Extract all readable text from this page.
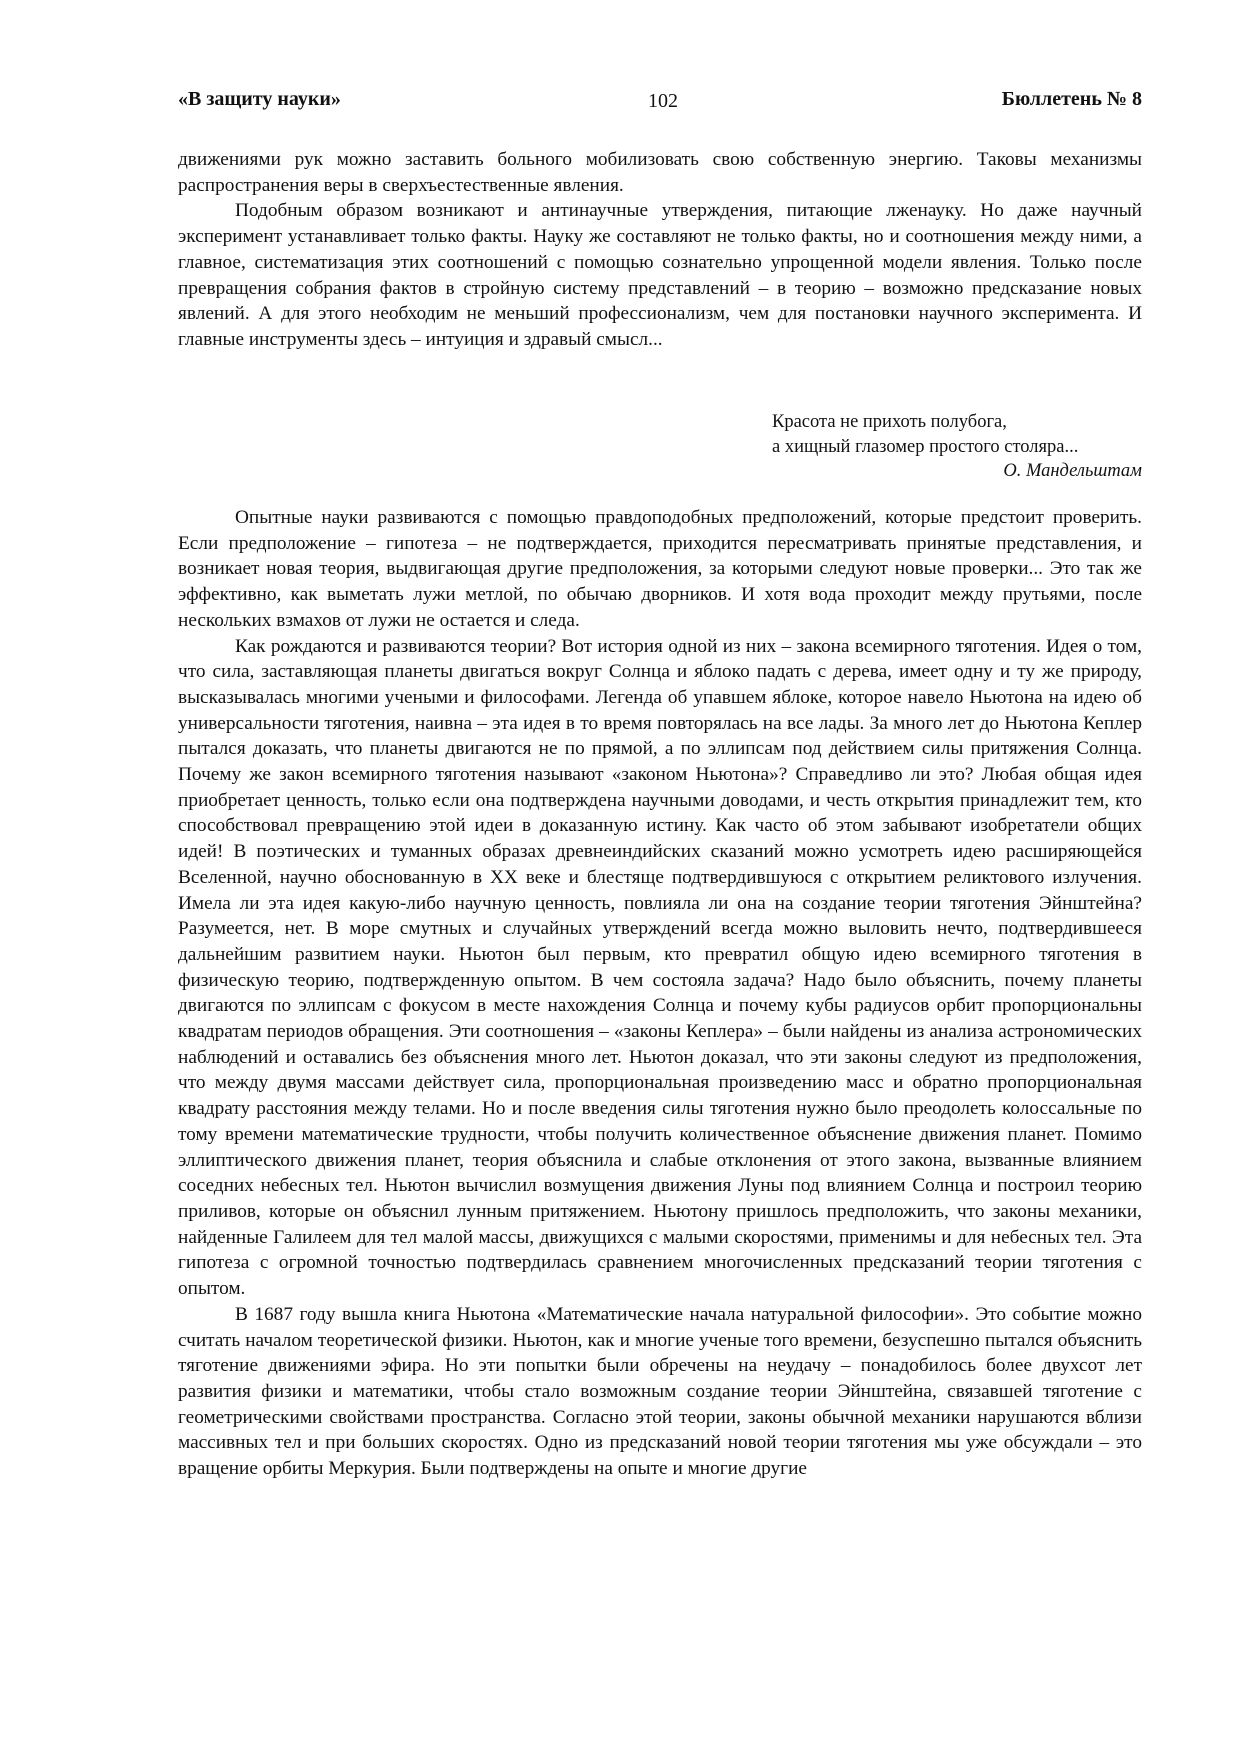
«В защиту науки»	102	Бюллетень № 8

движениями рук можно заставить больного мобилизовать свою собственную энергию. Таковы механизмы распространения веры в сверхъестественные явления.

Подобным образом возникают и антинаучные утверждения, питающие лженауку. Но даже научный эксперимент устанавливает только факты. Науку же составляют не только факты, но и соотношения между ними, а главное, систематизация этих соотношений с помощью сознательно упрощенной модели явления. Только после превращения собрания фактов в стройную систему представлений – в теорию – возможно предсказание новых явлений. А для этого необходим не меньший профессионализм, чем для постановки научного эксперимента. И главные инструменты здесь – интуиция и здравый смысл...

Красота не прихоть полубога,
а хищный глазомер простого столяра...
О. Мандельштам

Опытные науки развиваются с помощью правдоподобных предположений, которые предстоит проверить. Если предположение – гипотеза – не подтверждается, приходится пересматривать принятые представления, и возникает новая теория, выдвигающая другие предположения, за которыми следуют новые проверки... Это так же эффективно, как выметать лужи метлой, по обычаю дворников. И хотя вода проходит между прутьями, после нескольких взмахов от лужи не остается и следа.

Как рождаются и развиваются теории? Вот история одной из них – закона всемирного тяготения. Идея о том, что сила, заставляющая планеты двигаться вокруг Солнца и яблоко падать с дерева, имеет одну и ту же природу, высказывалась многими учеными и философами. Легенда об упавшем яблоке, которое навело Ньютона на идею об универсальности тяготения, наивна – эта идея в то время повторялась на все лады. За много лет до Ньютона Кеплер пытался доказать, что планеты двигаются не по прямой, а по эллипсам под действием силы притяжения Солнца. Почему же закон всемирного тяготения называют «законом Ньютона»? Справедливо ли это? Любая общая идея приобретает ценность, только если она подтверждена научными доводами, и честь открытия принадлежит тем, кто способствовал превращению этой идеи в доказанную истину. Как часто об этом забывают изобретатели общих идей! В поэтических и туманных образах древнеиндийских сказаний можно усмотреть идею расширяющейся Вселенной, научно обоснованную в XX веке и блестяще подтвердившуюся с открытием реликтового излучения. Имела ли эта идея какую-либо научную ценность, повлияла ли она на создание теории тяготения Эйнштейна? Разумеется, нет. В море смутных и случайных утверждений всегда можно выловить нечто, подтвердившееся дальнейшим развитием науки. Ньютон был первым, кто превратил общую идею всемирного тяготения в физическую теорию, подтвержденную опытом. В чем состояла задача? Надо было объяснить, почему планеты двигаются по эллипсам с фокусом в месте нахождения Солнца и почему кубы радиусов орбит пропорциональны квадратам периодов обращения. Эти соотношения – «законы Кеплера» – были найдены из анализа астрономических наблюдений и оставались без объяснения много лет. Ньютон доказал, что эти законы следуют из предположения, что между двумя массами действует сила, пропорциональная произведению масс и обратно пропорциональная квадрату расстояния между телами. Но и после введения силы тяготения нужно было преодолеть колоссальные по тому времени математические трудности, чтобы получить количественное объяснение движения планет. Помимо эллиптического движения планет, теория объяснила и слабые отклонения от этого закона, вызванные влиянием соседних небесных тел. Ньютон вычислил возмущения движения Луны под влиянием Солнца и построил теорию приливов, которые он объяснил лунным притяжением. Ньютону пришлось предположить, что законы механики, найденные Галилеем для тел малой массы, движущихся с малыми скоростями, применимы и для небесных тел. Эта гипотеза с огромной точностью подтвердилась сравнением многочисленных предсказаний теории тяготения с опытом.

В 1687 году вышла книга Ньютона «Математические начала натуральной философии». Это событие можно считать началом теоретической физики. Ньютон, как и многие ученые того времени, безуспешно пытался объяснить тяготение движениями эфира. Но эти попытки были обречены на неудачу – понадобилось более двухсот лет развития физики и математики, чтобы стало возможным создание теории Эйнштейна, связавшей тяготение с геометрическими свойствами пространства. Согласно этой теории, законы обычной механики нарушаются вблизи массивных тел и при больших скоростях. Одно из предсказаний новой теории тяготения мы уже обсуждали – это вращение орбиты Меркурия. Были подтверждены на опыте и многие другие
